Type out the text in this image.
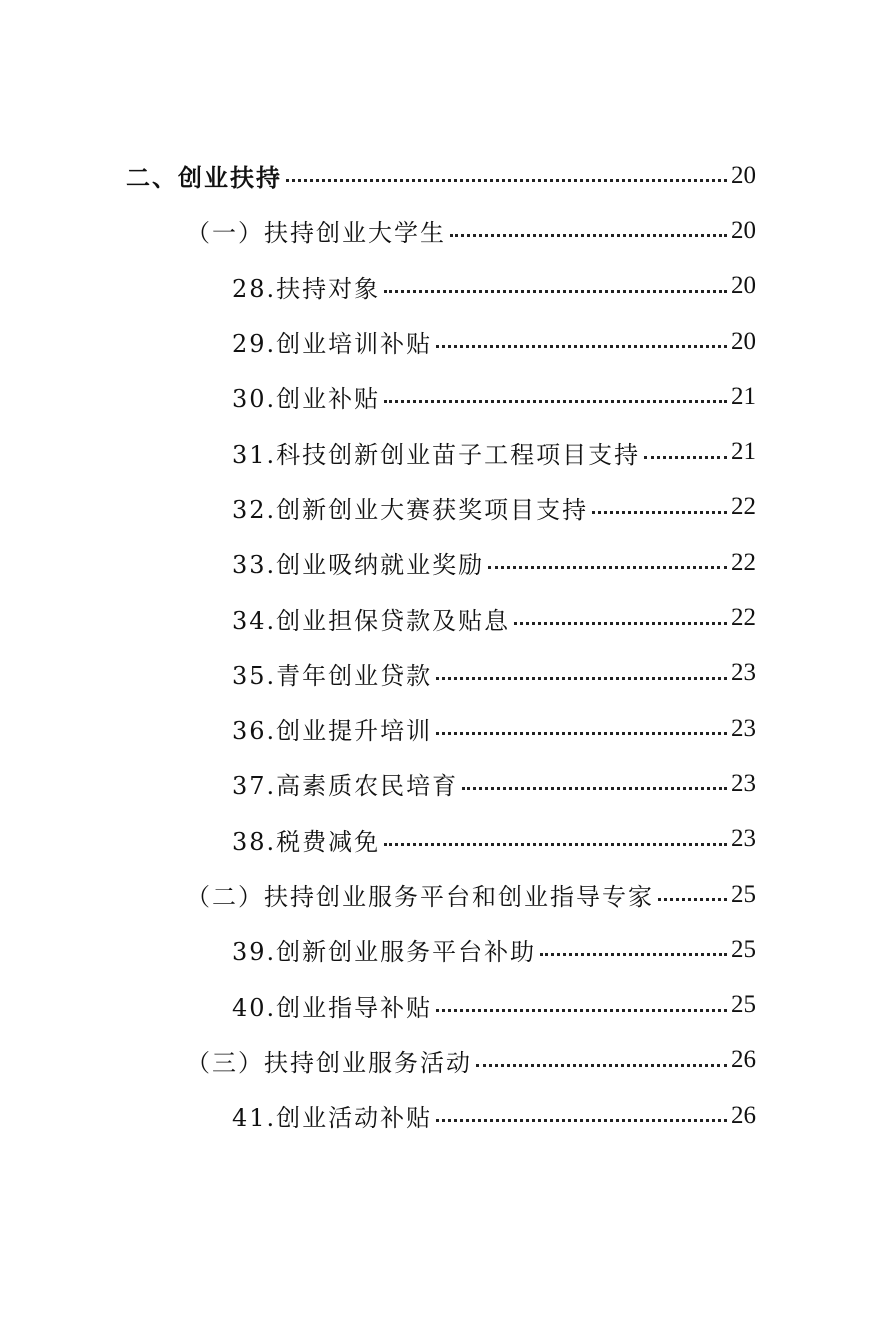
二、创业扶持	20
（一）扶持创业大学生	20
28.扶持对象	20
29.创业培训补贴	20
30.创业补贴	21
31.科技创新创业苗子工程项目支持	21
32.创新创业大赛获奖项目支持	22
33.创业吸纳就业奖励	22
34.创业担保贷款及贴息	22
35.青年创业贷款	23
36.创业提升培训	23
37.高素质农民培育	23
38.税费减免	23
（二）扶持创业服务平台和创业指导专家	25
39.创新创业服务平台补助	25
40.创业指导补贴	25
（三）扶持创业服务活动	26
41.创业活动补贴	26
